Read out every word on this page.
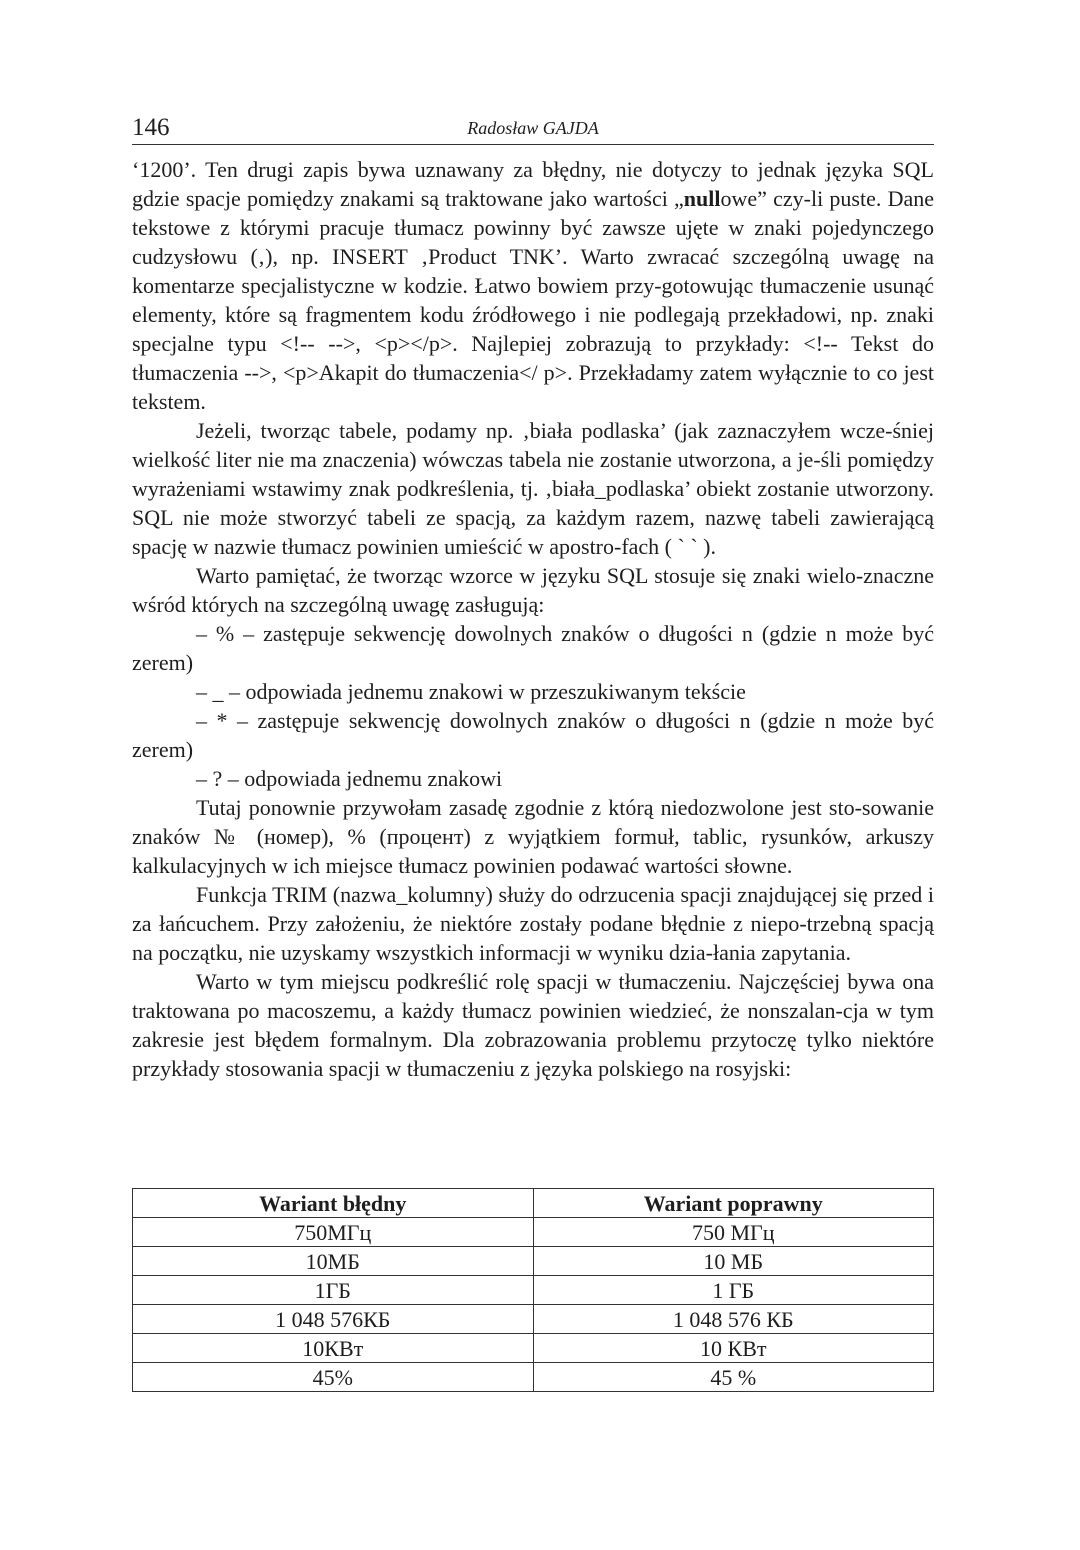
146	Radosław GAJDA

‘1200’. Ten drugi zapis bywa uznawany za błędny, nie dotyczy to jednak języka SQL gdzie spacje pomiędzy znakami są traktowane jako wartości „nullowe” czy-li puste. Dane tekstowe z którymi pracuje tłumacz powinny być zawsze ujęte w znaki pojedynczego cudzysłowu (‚), np. INSERT ‚Product TNK’. Warto zwracać szczególną uwagę na komentarze specjalistyczne w kodzie. Łatwo bowiem przy-gotowując tłumaczenie usunąć elementy, które są fragmentem kodu źródłowego i nie podlegają przekładowi, np. znaki specjalne typu <!-- -->, <p></p>. Najlepiej zobrazują to przykłady: <!-- Tekst do tłumaczenia -->, <p>Akapit do tłumaczenia</ p>. Przekładamy zatem wyłącznie to co jest tekstem.

Jeżeli, tworząc tabele, podamy np. ‚biała podlaska’ (jak zaznaczyłem wcze-śniej wielkość liter nie ma znaczenia) wówczas tabela nie zostanie utworzona, a je-śli pomiędzy wyrażeniami wstawimy znak podkreślenia, tj. ‚biała_podlaska’ obiekt zostanie utworzony. SQL nie może stworzyć tabeli ze spacją, za każdym razem, nazwę tabeli zawierającą spację w nazwie tłumacz powinien umieścić w apostro-fach ( ` ` ).

Warto pamiętać, że tworząc wzorce w języku SQL stosuje się znaki wielo-znaczne wśród których na szczególną uwagę zasługują:

– % – zastępuje sekwencję dowolnych znaków o długości n (gdzie n może być zerem)

– _ – odpowiada jednemu znakowi w przeszukiwanym tekście

– * – zastępuje sekwencję dowolnych znaków o długości n (gdzie n może być zerem)

– ? – odpowiada jednemu znakowi

Tutaj ponownie przywołam zasadę zgodnie z którą niedozwolone jest sto-sowanie znaków № (номер), % (процент) z wyjątkiem formuł, tablic, rysunków, arkuszy kalkulacyjnych w ich miejsce tłumacz powinien podawać wartości słowne.

Funkcja TRIM (nazwa_kolumny) służy do odrzucenia spacji znajdującej się przed i za łańcuchem. Przy założeniu, że niektóre zostały podane błędnie z niepo-trzebną spacją na początku, nie uzyskamy wszystkich informacji w wyniku dzia-łania zapytania.

Warto w tym miejscu podkreślić rolę spacji w tłumaczeniu. Najczęściej bywa ona traktowana po macoszemu, a każdy tłumacz powinien wiedzieć, że nonszalan-cja w tym zakresie jest błędem formalnym. Dla zobrazowania problemu przytoczę tylko niektóre przykłady stosowania spacji w tłumaczeniu z języka polskiego na rosyjski:

Wariant błędny	Wariant poprawny
750МГц	750 МГц
10МБ	10 МБ
1ГБ	1 ГБ
1 048 576КБ	1 048 576 КБ
10КВт	10 КВт
45%	45 %
